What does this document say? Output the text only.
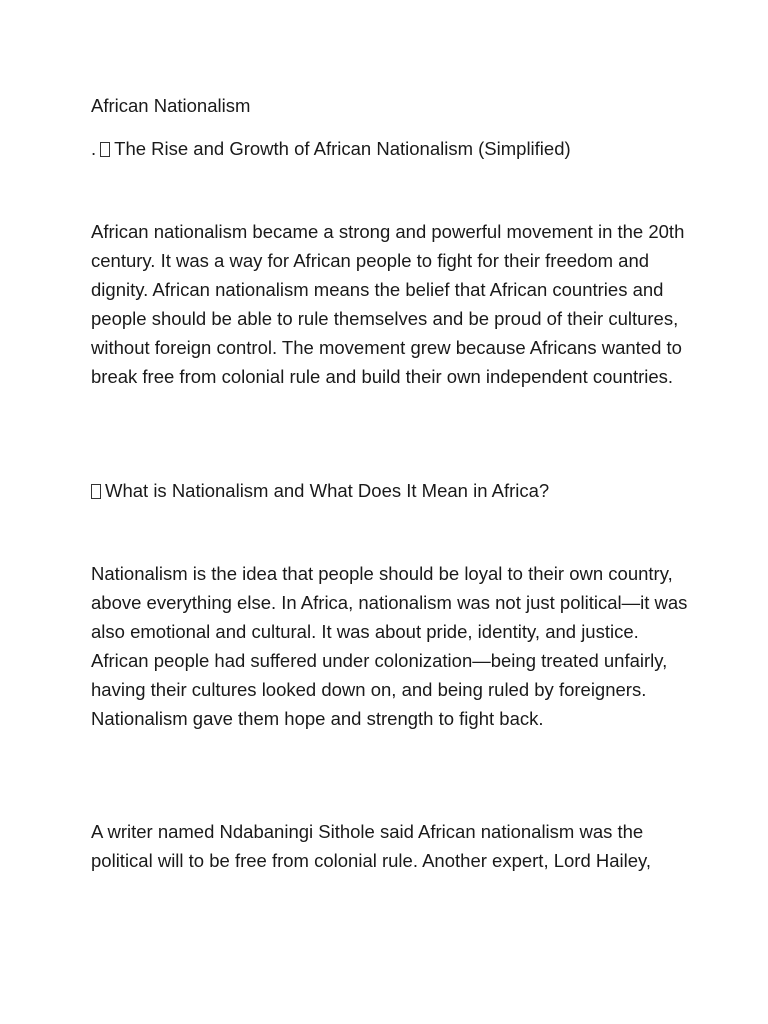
African Nationalism

. The Rise and Growth of African Nationalism (Simplified)

African nationalism became a strong and powerful movement in the 20th century. It was a way for African people to fight for their freedom and dignity. African nationalism means the belief that African countries and people should be able to rule themselves and be proud of their cultures, without foreign control. The movement grew because Africans wanted to break free from colonial rule and build their own independent countries.

What is Nationalism and What Does It Mean in Africa?

Nationalism is the idea that people should be loyal to their own country, above everything else. In Africa, nationalism was not just political—it was also emotional and cultural. It was about pride, identity, and justice. African people had suffered under colonization—being treated unfairly, having their cultures looked down on, and being ruled by foreigners. Nationalism gave them hope and strength to fight back.

A writer named Ndabaningi Sithole said African nationalism was the political will to be free from colonial rule. Another expert, Lord Hailey,
